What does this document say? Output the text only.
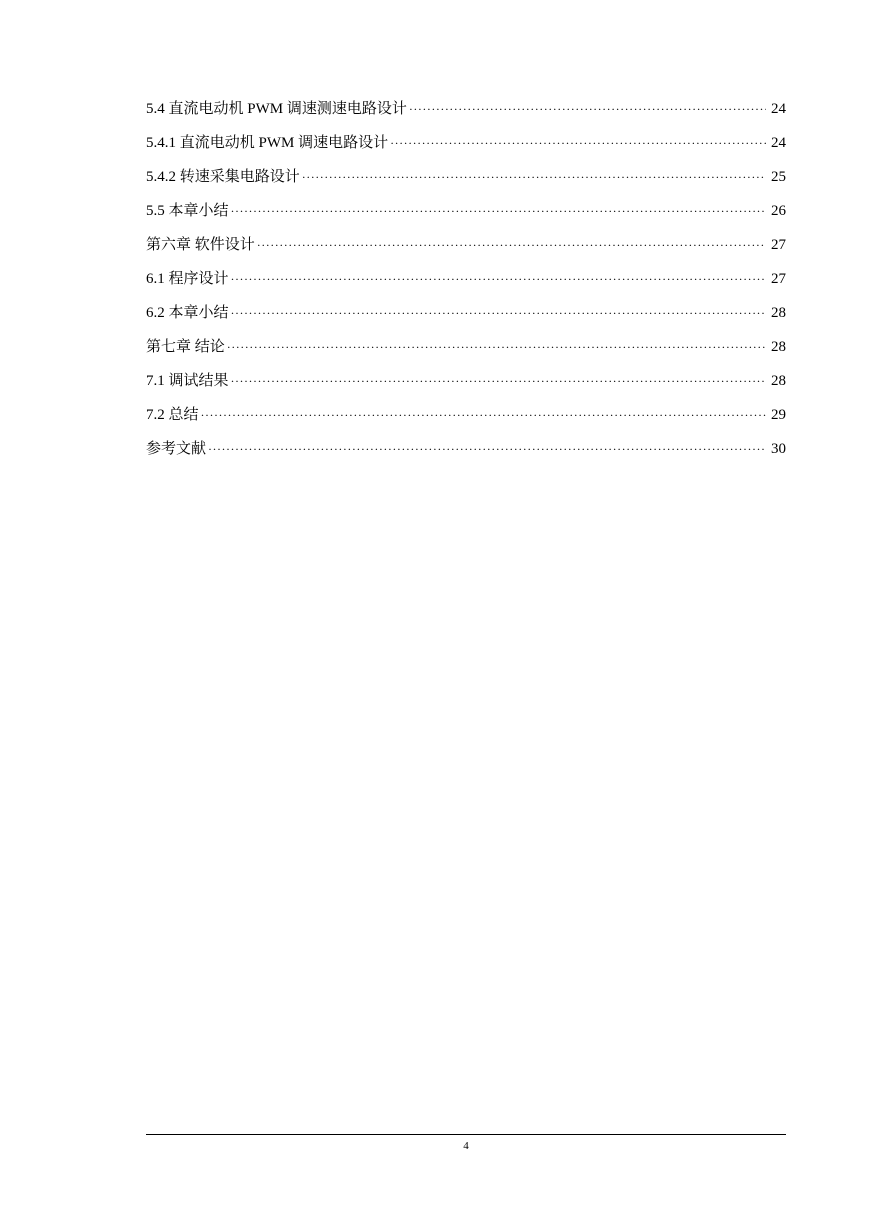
5.4 直流电动机 PWM 调速测速电路设计 ·····	24
5.4.1 直流电动机 PWM 调速电路设计 ·····	24
5.4.2 转速采集电路设计 ·····	25
5.5 本章小结 ·····	26
第六章 软件设计 ·····	27
6.1 程序设计 ·····	27
6.2 本章小结 ·····	28
第七章 结论 ·····	28
7.1 调试结果 ·····	28
7.2 总结 ·····	29
参考文献 ·····	30
4
